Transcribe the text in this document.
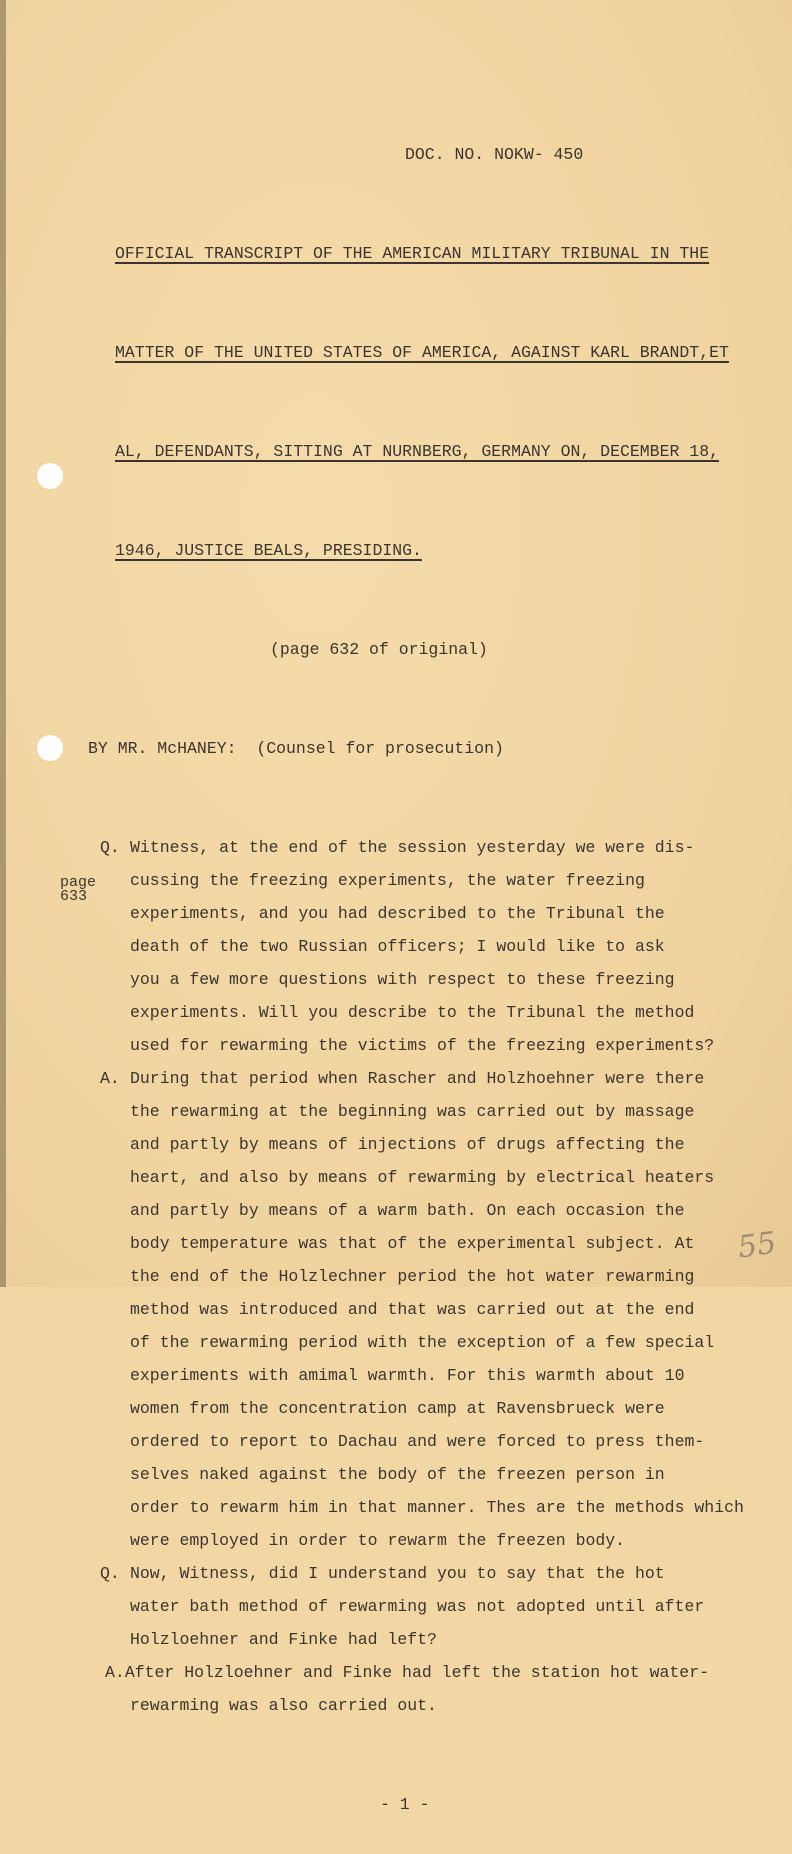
DOC. NO. NOKW- 450

OFFICIAL TRANSCRIPT OF THE AMERICAN MILITARY TRIBUNAL IN THE

MATTER OF THE UNITED STATES OF AMERICA, AGAINST KARL BRANDT,ET

AL, DEFENDANTS, SITTING AT NURNBERG, GERMANY ON, DECEMBER 18,

1946, JUSTICE BEALS, PRESIDING.

(page 632 of original)

BY MR. McHANEY:  (Counsel for prosecution)

Q. Witness, at the end of the session yesterday we were dis-
cussing the freezing experiments, the water freezing
experiments, and you had described to the Tribunal the
death of the two Russian officers; I would like to ask
you a few more questions with respect to these freezing
experiments. Will you describe to the Tribunal the method
used for rewarming the victims of the freezing experiments?
A. During that period when Rascher and Holzhoehner were there
the rewarming at the beginning was carried out by massage
and partly by means of injections of drugs affecting the
heart, and also by means of rewarming by electrical heaters
and partly by means of a warm bath. On each occasion the
body temperature was that of the experimental subject. At
the end of the Holzlechner period the hot water rewarming
method was introduced and that was carried out at the end
of the rewarming period with the exception of a few special
experiments with amimal warmth. For this warmth about 10
women from the concentration camp at Ravensbrueck were
ordered to report to Dachau and were forced to press them-
selves naked against the body of the freezen person in
order to rewarm him in that manner. Thes are the methods which
were employed in order to rewarm the freezen body.
Q. Now, Witness, did I understand you to say that the hot
water bath method of rewarming was not adopted until after
Holzloehner and Finke had left?
A.After Holzloehner and Finke had left the station hot water-
rewarming was also carried out.

- 1 -

page
633
55
